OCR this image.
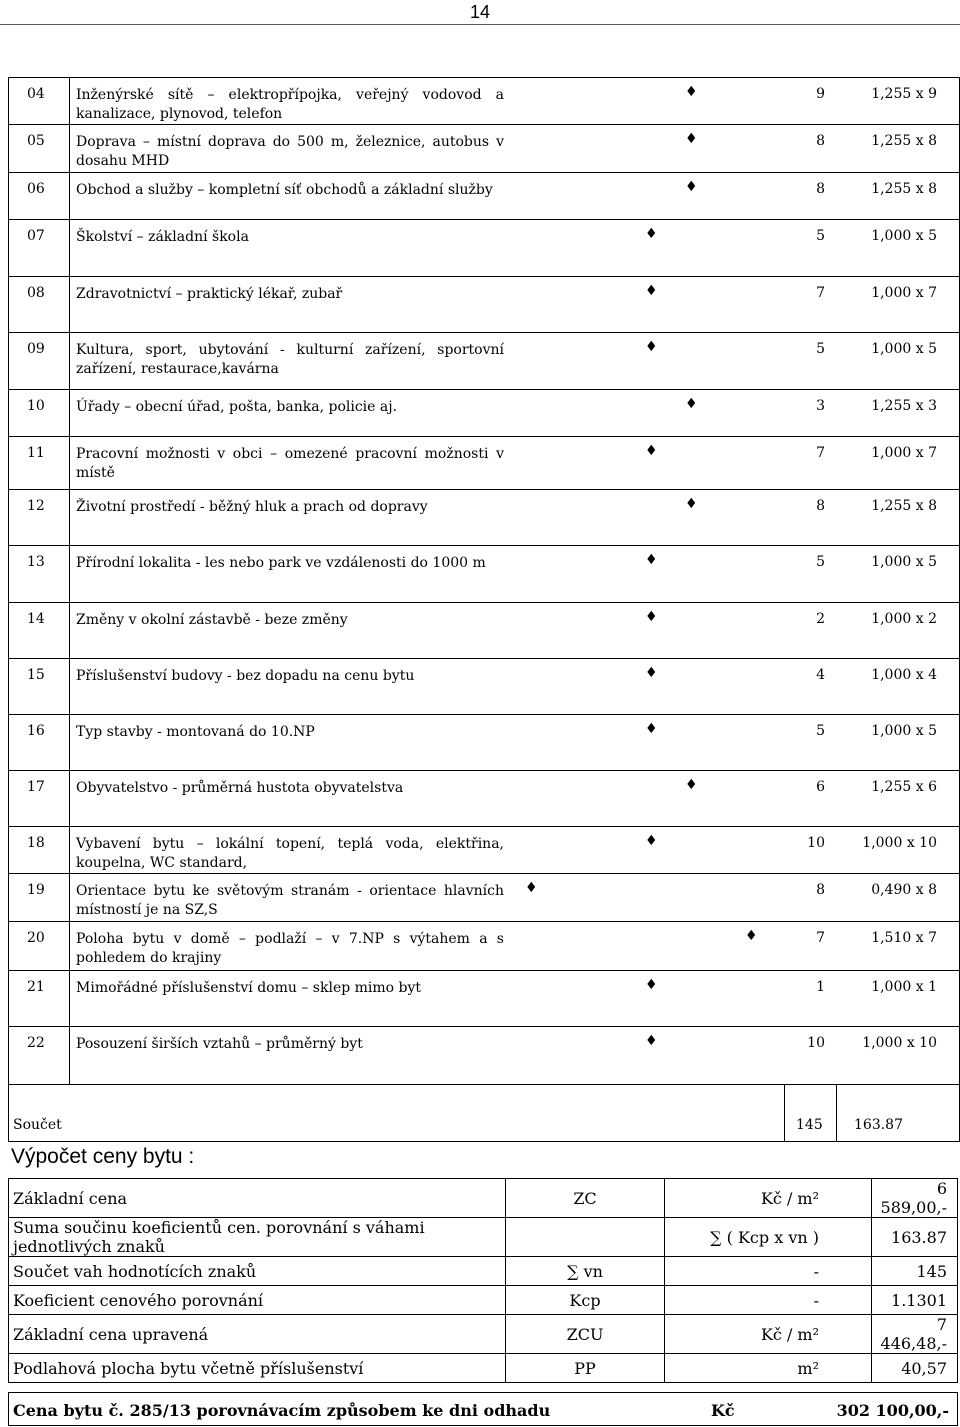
14
04 Inženýrské sítě – elektropřípojka, veřejný vodovod a kanalizace, plynovod, telefon
♦	9	1,255 x 9
05 Doprava – místní doprava do 500 m, železnice, autobus v dosahu MHD
♦	8	1,255 x 8
06 Obchod a služby – kompletní síť obchodů a základní služby	♦	8	1,255 x 8
07 Školství – základní škola	♦	5	1,000 x 5
08 Zdravotnictví – praktický lékař, zubař	♦	7	1,000 x 7
09 Kultura, sport, ubytování - kulturní zařízení, sportovní zařízení, restaurace,kavárna
♦	5	1,000 x 5
10 Úřady – obecní úřad, pošta, banka, policie aj.	♦	3	1,255 x 3
11 Pracovní možnosti v obci – omezené pracovní možnosti v místě
♦	7	1,000 x 7
12 Životní prostředí - běžný hluk a prach od dopravy	♦	8	1,255 x 8
13 Přírodní lokalita - les nebo park ve vzdálenosti do 1000 m	♦	5	1,000 x 5
14 Změny v okolní zástavbě - beze změny	♦	2	1,000 x 2
15 Příslušenství budovy - bez dopadu na cenu bytu	♦	4	1,000 x 4
16 Typ stavby - montovaná do 10.NP	♦	5	1,000 x 5
17 Obyvatelstvo - průměrná hustota obyvatelstva	♦	6	1,255 x 6
18 Vybavení bytu – lokální topení, teplá voda, elektřina, koupelna, WC standard,
♦	10	1,000 x 10
19 Orientace bytu ke světovým stranám - orientace hlavních místností je na SZ,S
♦	8	0,490 x 8
20 Poloha bytu v domě – podlaží – v 7.NP s výtahem a s pohledem do krajiny
♦	7	1,510 x 7
21 Mimořádné příslušenství domu – sklep mimo byt	♦	1	1,000 x 1
22 Posouzení širších vztahů – průměrný byt	♦	10	1,000 x 10
Součet	145 163.87
Výpočet ceny bytu :
Základní cena	ZC	Kč / m²	6 589,00,-
Suma součinu koeficientů cen. porovnání s váhami jednotlivých znaků		∑ ( Kcp x vn )	163.87
Součet vah hodnotících znaků	∑ vn	-	145
Koeficient cenového porovnání	Kcp	-	1.1301
Základní cena upravená	ZCU	Kč / m²	7 446,48,-
Podlahová plocha bytu včetně příslušenství	PP	m²	40,57
Cena bytu č. 285/13 porovnávacím způsobem ke dni odhadu	Kč	302 100,00,-
